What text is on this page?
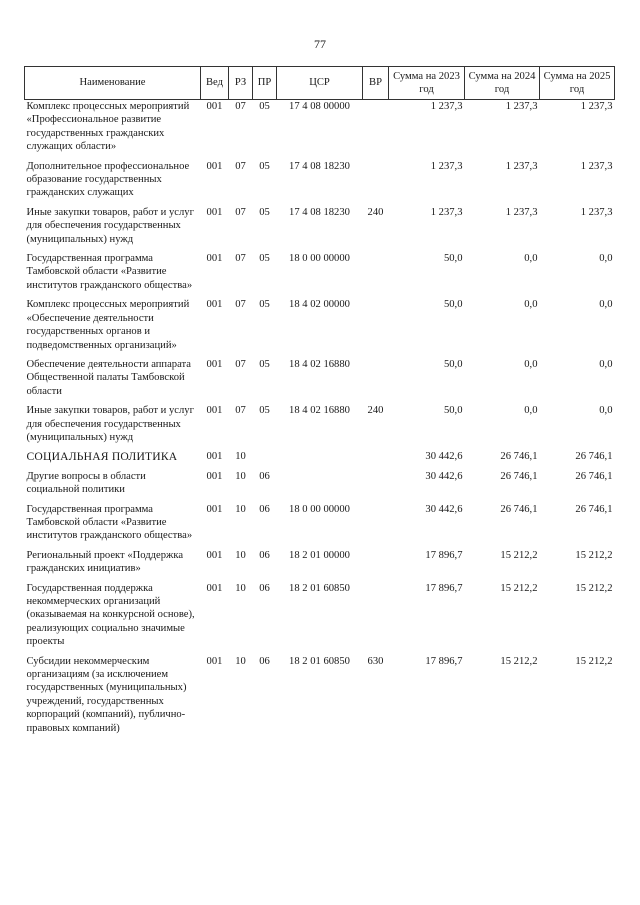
77
Наименование	Вед	РЗ	ПР	ЦСР	ВР	Сумма на 2023 год	Сумма на 2024 год	Сумма на 2025 год
Комплекс процессных мероприятий «Профессиональное развитие государственных гражданских служащих области»	001	07	05	17 4 08 00000		1 237,3	1 237,3	1 237,3
Дополнительное профессиональное образование государственных гражданских служащих	001	07	05	17 4 08 18230		1 237,3	1 237,3	1 237,3
Иные закупки товаров, работ и услуг для обеспечения государственных (муниципальных) нужд	001	07	05	17 4 08 18230	240	1 237,3	1 237,3	1 237,3
Государственная программа Тамбовской области «Развитие институтов гражданского общества»	001	07	05	18 0 00 00000		50,0	0,0	0,0
Комплекс процессных мероприятий «Обеспечение деятельности государственных органов и подведомственных организаций»	001	07	05	18 4 02 00000		50,0	0,0	0,0
Обеспечение деятельности аппарата Общественной палаты Тамбовской области	001	07	05	18 4 02 16880		50,0	0,0	0,0
Иные закупки товаров, работ и услуг для обеспечения государственных (муниципальных) нужд	001	07	05	18 4 02 16880	240	50,0	0,0	0,0
СОЦИАЛЬНАЯ ПОЛИТИКА	001	10				30 442,6	26 746,1	26 746,1
Другие вопросы в области социальной политики	001	10	06			30 442,6	26 746,1	26 746,1
Государственная программа Тамбовской области «Развитие институтов гражданского общества»	001	10	06	18 0 00 00000		30 442,6	26 746,1	26 746,1
Региональный проект «Поддержка гражданских инициатив»	001	10	06	18 2 01 00000		17 896,7	15 212,2	15 212,2
Государственная поддержка некоммерческих организаций (оказываемая на конкурсной основе), реализующих социально значимые проекты	001	10	06	18 2 01 60850		17 896,7	15 212,2	15 212,2
Субсидии некоммерческим организациям (за исключением государственных (муниципальных) учреждений, государственных корпораций (компаний), публично-правовых компаний)	001	10	06	18 2 01 60850	630	17 896,7	15 212,2	15 212,2
